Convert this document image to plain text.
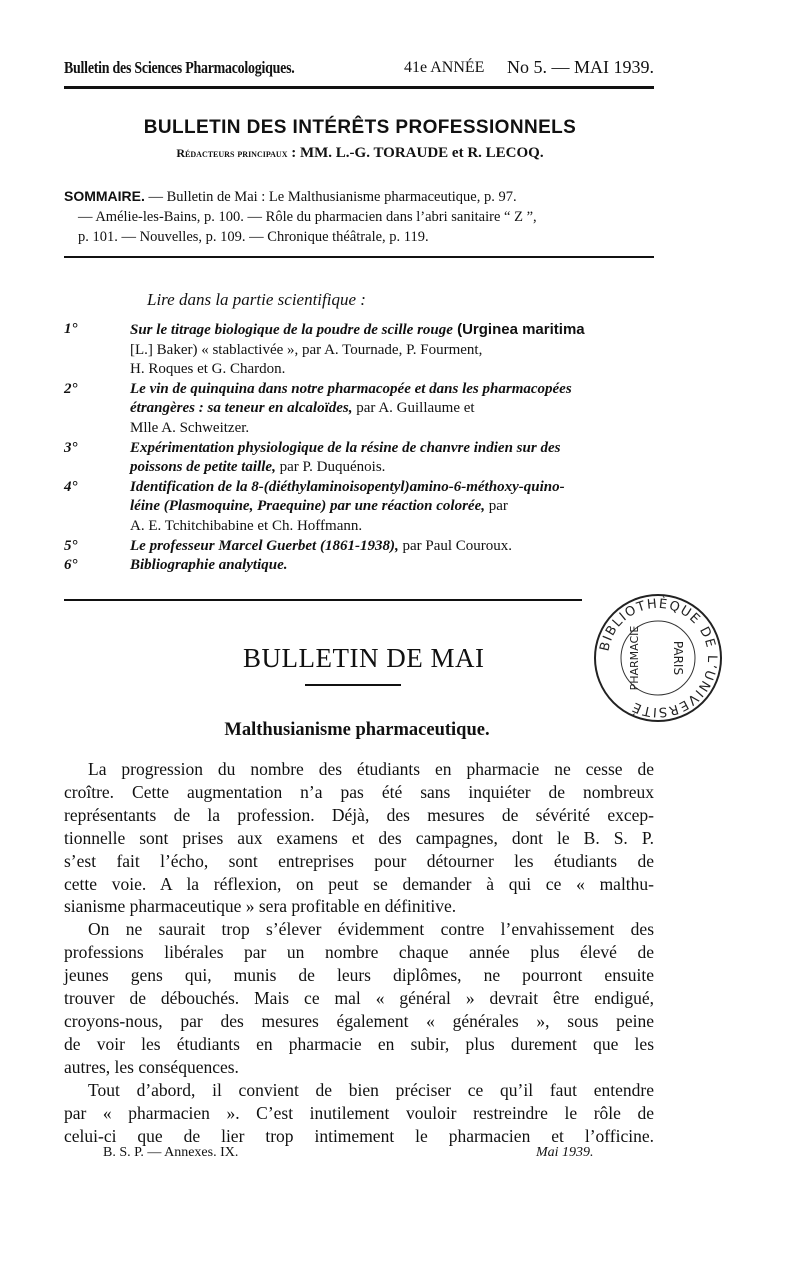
Bulletin des Sciences Pharmacologiques.	41e ANNÉE No 5. — MAI 1939.
BULLETIN DES INTÉRÊTS PROFESSIONNELS
Rédacteurs principaux : MM. L.-G. TORAUDE et R. LECOQ.

SOMMAIRE. — Bulletin de Mai : Le Malthusianisme pharmaceutique, p. 97.

— Amélie-les-Bains, p. 100. — Rôle du pharmacien dans l’abri sanitaire “ Z ”,

p. 101. — Nouvelles, p. 109. — Chronique théâtrale, p. 119.

Lire dans la partie scientifique :
1°	Sur le titrage biologique de la poudre de scille rouge (Urginea maritima
[L.] Baker) « stablactivée », par A. Tournade, P. Fourment,
H. Roques et G. Chardon.
2°	Le vin de quinquina dans notre pharmacopée et dans les pharmacopées
étrangères : sa teneur en alcaloïdes, par A. Guillaume et
Mlle A. Schweitzer.
3°	Expérimentation physiologique de la résine de chanvre indien sur des
poissons de petite taille, par P. Duquénois.
4°	Identification de la 8-(diéthylaminoisopentyl)amino-6-méthoxy-quino-
léine (Plasmoquine, Praequine) par une réaction colorée, par
A. E. Tchitchibabine et Ch. Hoffmann.
5°	Le professeur Marcel Guerbet (1861-1938), par Paul Couroux.
6°	Bibliographie analytique.
BIBLIOTHÈQUE DE L’UNIVERSITÉ
PHARMACIE	PARIS
BULLETIN DE MAI
Malthusianisme pharmaceutique.
La progression du nombre des étudiants en pharmacie ne cesse de
croître. Cette augmentation n’a pas été sans inquiéter de nombreux
représentants de la profession. Déjà, des mesures de sévérité excep-
tionnelle sont prises aux examens et des campagnes, dont le B. S. P.
s’est fait l’écho, sont entreprises pour détourner les étudiants de
cette voie. A la réflexion, on peut se demander à qui ce « malthu-
sianisme pharmaceutique » sera profitable en définitive.
On ne saurait trop s’élever évidemment contre l’envahissement des
professions libérales par un nombre chaque année plus élevé de
jeunes gens qui, munis de leurs diplômes, ne pourront ensuite
trouver de débouchés. Mais ce mal « général » devrait être endigué,
croyons-nous, par des mesures également « générales », sous peine
de voir les étudiants en pharmacie en subir, plus durement que les
autres, les conséquences.
Tout d’abord, il convient de bien préciser ce qu’il faut entendre
par « pharmacien ». C’est inutilement vouloir restreindre le rôle de
celui-ci que de lier trop intimement le pharmacien et l’officine.
B. S. P. — Annexes. IX.	Mai 1939.
